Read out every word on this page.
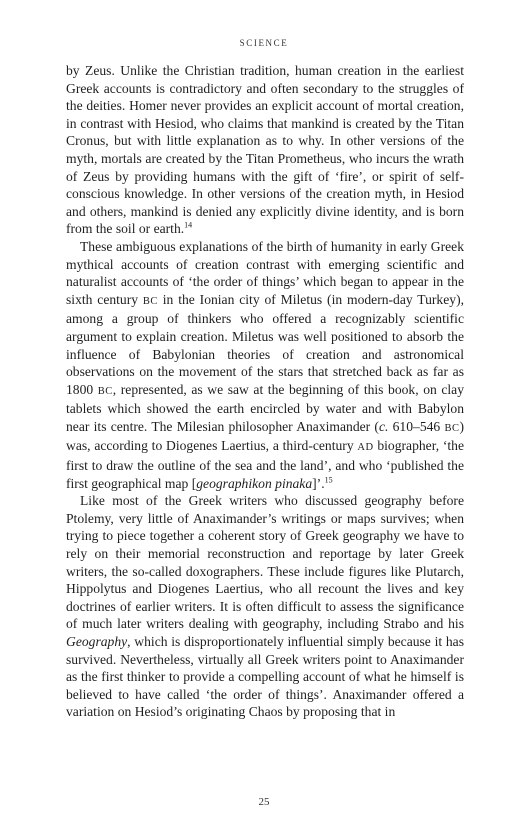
SCIENCE

by Zeus. Unlike the Christian tradition, human creation in the earliest Greek accounts is contradictory and often secondary to the struggles of the deities. Homer never provides an explicit account of mortal creation, in contrast with Hesiod, who claims that mankind is created by the Titan Cronus, but with little explanation as to why. In other versions of the myth, mortals are created by the Titan Prometheus, who incurs the wrath of Zeus by providing humans with the gift of ‘fire’, or spirit of self-conscious knowledge. In other versions of the creation myth, in Hesiod and others, mankind is denied any explicitly divine identity, and is born from the soil or earth.$^{14}$

These ambiguous explanations of the birth of humanity in early Greek mythical accounts of creation contrast with emerging scientific and naturalist accounts of ‘the order of things’ which began to appear in the sixth century BC in the Ionian city of Miletus (in modern-day Turkey), among a group of thinkers who offered a recognizably scientific argument to explain creation. Miletus was well positioned to absorb the influence of Babylonian theories of creation and astronomical observations on the movement of the stars that stretched back as far as 1800 BC, represented, as we saw at the beginning of this book, on clay tablets which showed the earth encircled by water and with Babylon near its centre. The Milesian philosopher Anaximander (c. 610–546 BC) was, according to Diogenes Laertius, a third-century AD biographer, ‘the first to draw the outline of the sea and the land’, and who ‘published the first geographical map [geographikon pinaka]’.$^{15}$

Like most of the Greek writers who discussed geography before Ptolemy, very little of Anaximander’s writings or maps survives; when trying to piece together a coherent story of Greek geography we have to rely on their memorial reconstruction and reportage by later Greek writers, the so-called doxographers. These include figures like Plutarch, Hippolytus and Diogenes Laertius, who all recount the lives and key doctrines of earlier writers. It is often difficult to assess the significance of much later writers dealing with geography, including Strabo and his Geography, which is disproportionately influential simply because it has survived. Nevertheless, virtually all Greek writers point to Anaximander as the first thinker to provide a compelling account of what he himself is believed to have called ‘the order of things’. Anaximander offered a variation on Hesiod’s originating Chaos by proposing that in

25
